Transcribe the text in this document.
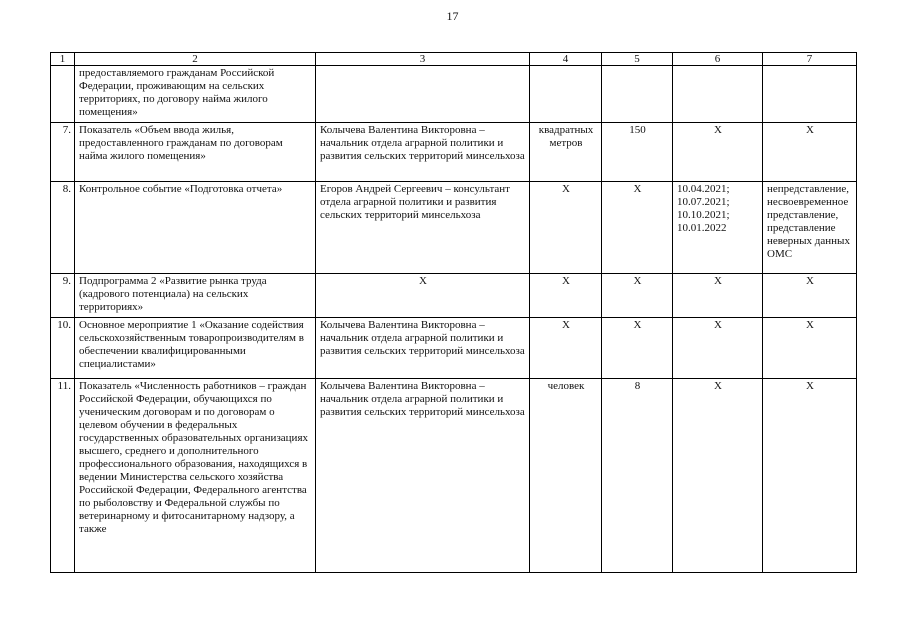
17
1	2	3	4	5	6	7
	предоставляемого гражданам Российской Федерации, проживающим на сельских территориях, по договору найма жилого помещения»					
7.	Показатель «Объем ввода жилья, предоставленного гражданам по договорам найма жилого помещения»	Колычева Валентина Викторовна – начальник отдела аграрной политики и развития сельских территорий минсельхоза	квадратных метров	150	X	X
8.	Контрольное событие «Подготовка отчета»	Егоров Андрей Сергеевич – консультант отдела аграрной политики и развития сельских территорий минсельхоза	X	X	10.04.2021; 10.07.2021; 10.10.2021; 10.01.2022	непредставление, несвоевременное представление, представление неверных данных ОМС
9.	Подпрограмма 2 «Развитие рынка труда (кадрового потенциала) на сельских территориях»	X	X	X	X	X
10.	Основное мероприятие 1 «Оказание содействия сельскохозяйственным товаропроизводителям в обеспечении квалифицированными специалистами»	Колычева Валентина Викторовна – начальник отдела аграрной политики и развития сельских территорий минсельхоза	X	X	X	X
11.	Показатель «Численность работников – граждан Российской Федерации, обучающихся по ученическим договорам и по договорам о целевом обучении в федеральных государственных образовательных организациях высшего, среднего и дополнительного профессионального образования, находящихся в ведении Министерства сельского хозяйства Российской Федерации, Федерального агентства по рыболовству и Федеральной службы по ветеринарному и фитосанитарному надзору, а также	Колычева Валентина Викторовна – начальник отдела аграрной политики и развития сельских территорий минсельхоза	человек	8	X	X
